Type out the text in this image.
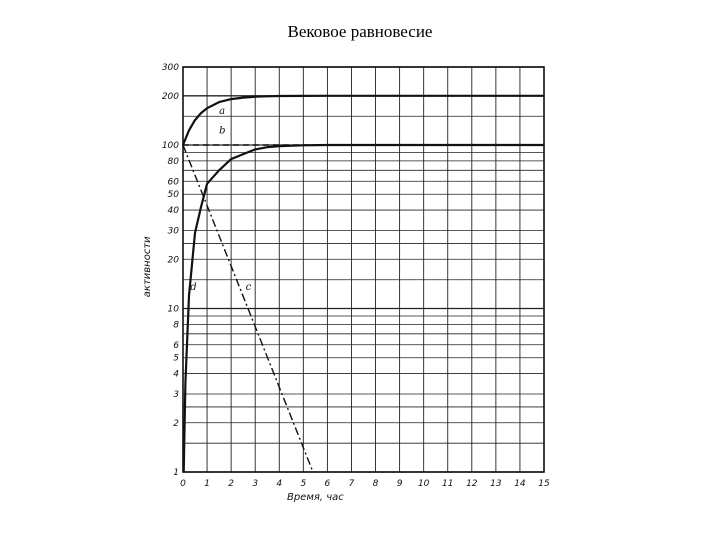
Вековое равновесие
0 1 2 3 4 5 6 7 8 9 10 11 12 13 14 15
1
2
3
4
5
6
8
10
20
30
40
50
60
80
100
200
300
a
b
c
d
Время, час
активности
